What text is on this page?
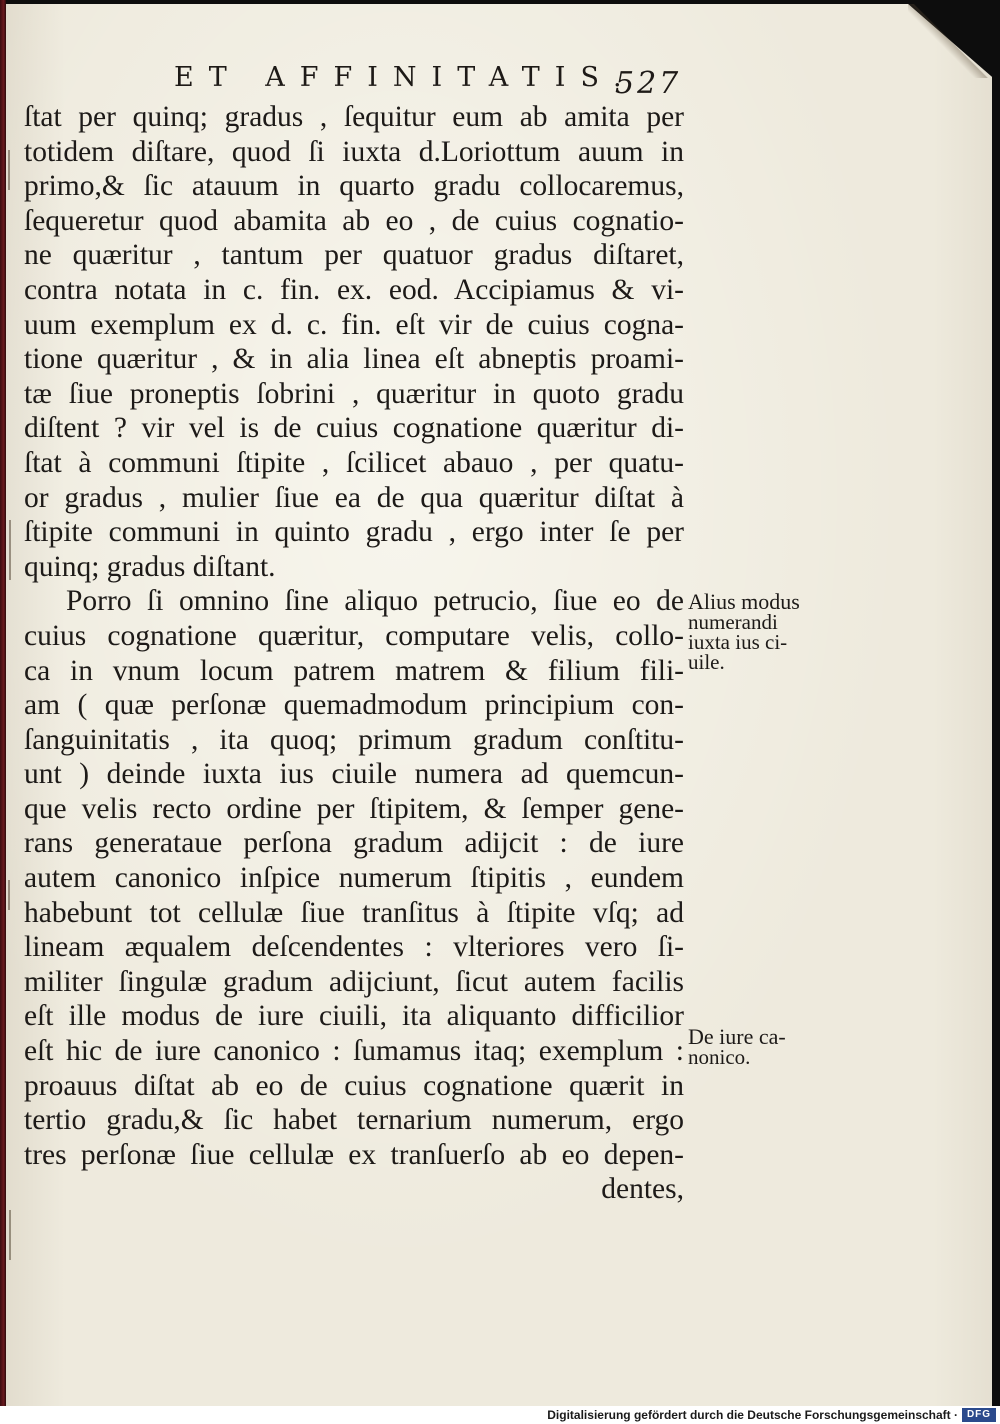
ET AFFINITATIS.
527
ſtat per quinq; gradus , ſequitur eum ab amita per
totidem diſtare, quod ſi iuxta d.Loriottum auum in
primo,& ſic atauum in quarto gradu collocaremus,
ſequeretur quod abamita ab eo , de cuius cognatio-
ne quæritur , tantum per quatuor gradus diſtaret,
contra notata in c. fin. ex. eod. Accipiamus & vi-
uum exemplum ex d. c. fin. eſt vir de cuius cogna-
tione quæritur , & in alia linea eſt abneptis proami-
tæ ſiue proneptis ſobrini , quæritur in quoto gradu
diſtent ? vir vel is de cuius cognatione quæritur di-
ſtat à communi ſtipite , ſcilicet abauo , per quatu-
or gradus , mulier ſiue ea de qua quæritur diſtat à
ſtipite communi in quinto gradu , ergo inter ſe per
quinq; gradus diſtant.
Porro ſi omnino ſine aliquo petrucio, ſiue eo de
cuius cognatione quæritur, computare velis, collo-
ca in vnum locum patrem matrem & filium fili-
am ( quæ perſonæ quemadmodum principium con-
ſanguinitatis , ita quoq; primum gradum conſtitu-
unt ) deinde iuxta ius ciuile numera ad quemcun-
que velis recto ordine per ſtipitem, & ſemper gene-
rans generataue perſona gradum adijcit : de iure
autem canonico inſpice numerum ſtipitis , eundem
habebunt tot cellulæ ſiue tranſitus à ſtipite vſq; ad
lineam æqualem deſcendentes : vlteriores vero ſi-
militer ſingulæ gradum adijciunt, ſicut autem facilis
eſt ille modus de iure ciuili, ita aliquanto difficilior
eſt hic de iure canonico : ſumamus itaq; exemplum :
proauus diſtat ab eo de cuius cognatione quærit in
tertio gradu,& ſic habet ternarium numerum, ergo
tres perſonæ ſiue cellulæ ex tranſuerſo ab eo depen-
dentes,
Alius modus
numerandi
iuxta ius ci-
uile.
De iure ca-
nonico.
Digitalisierung gefördert durch die Deutsche Forschungsgemeinschaft · DFG
